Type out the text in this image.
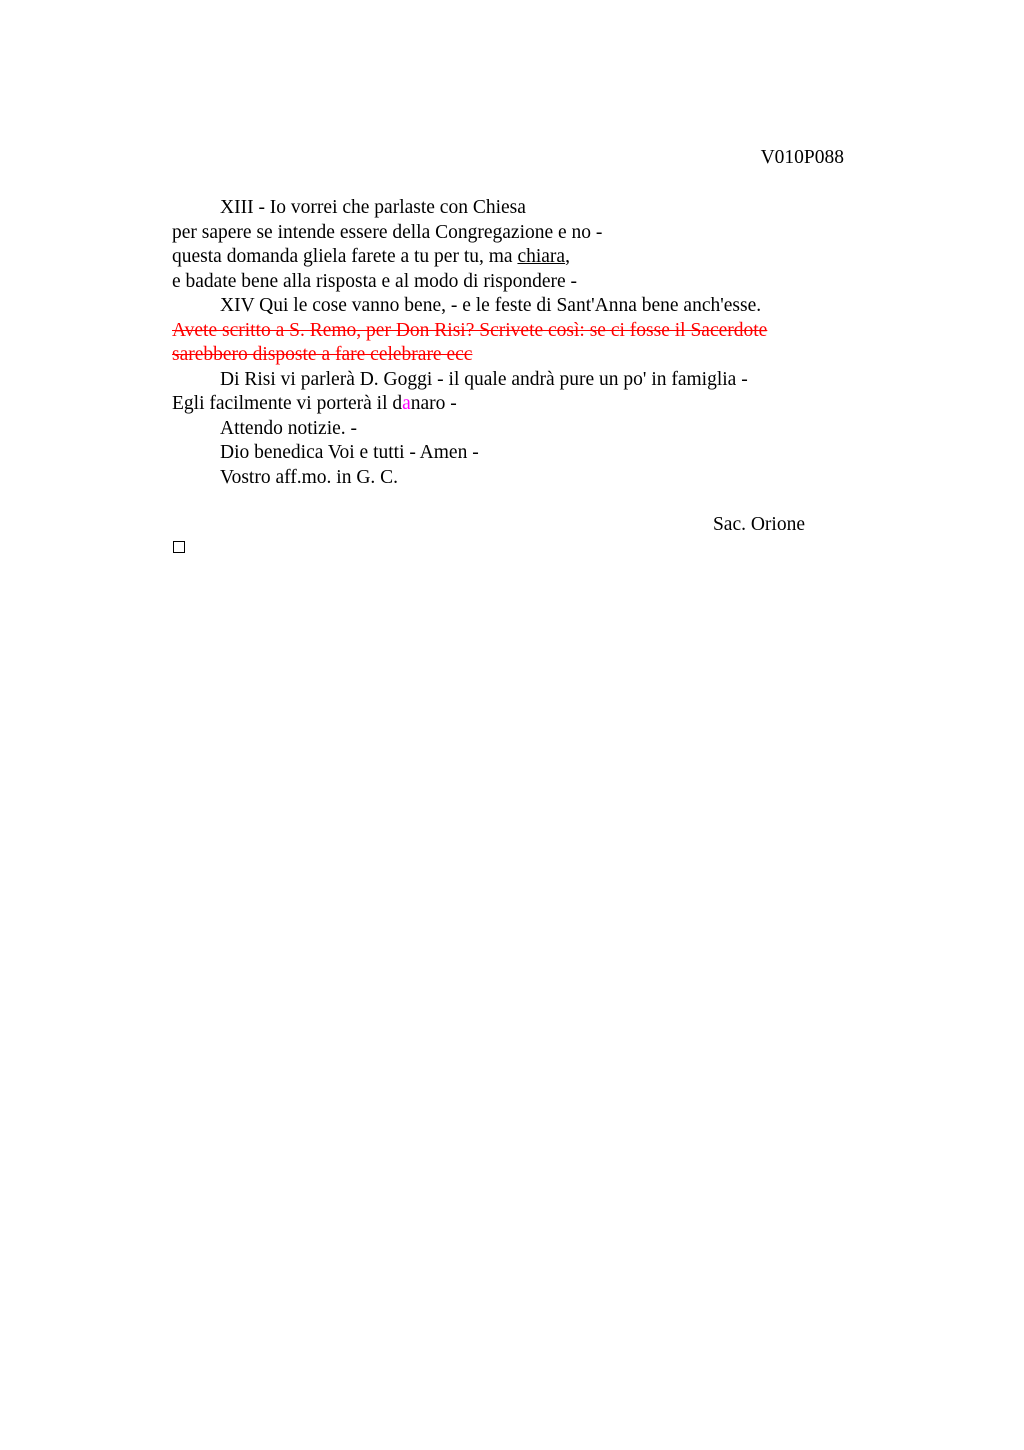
V010P088
XIII - Io vorrei che parlaste con Chiesa
per sapere se intende essere della Congregazione e no -
questa domanda gliela farete a tu per tu, ma chiara,
e badate bene alla risposta e al modo di rispondere -
XIV Qui le cose vanno bene, - e le feste di Sant'Anna bene anch'esse.
Avete scritto a S. Remo, per Don Risi? Scrivete così: se ci fosse il Sacerdote
sarebbero disposte a fare celebrare ecc
Di Risi vi parlerà D. Goggi - il quale andrà pure un po' in famiglia -
Egli facilmente vi porterà il danaro -
Attendo notizie. -
Dio benedica Voi e tutti - Amen -
Vostro aff.mo. in G. C.
Sac. Orione
